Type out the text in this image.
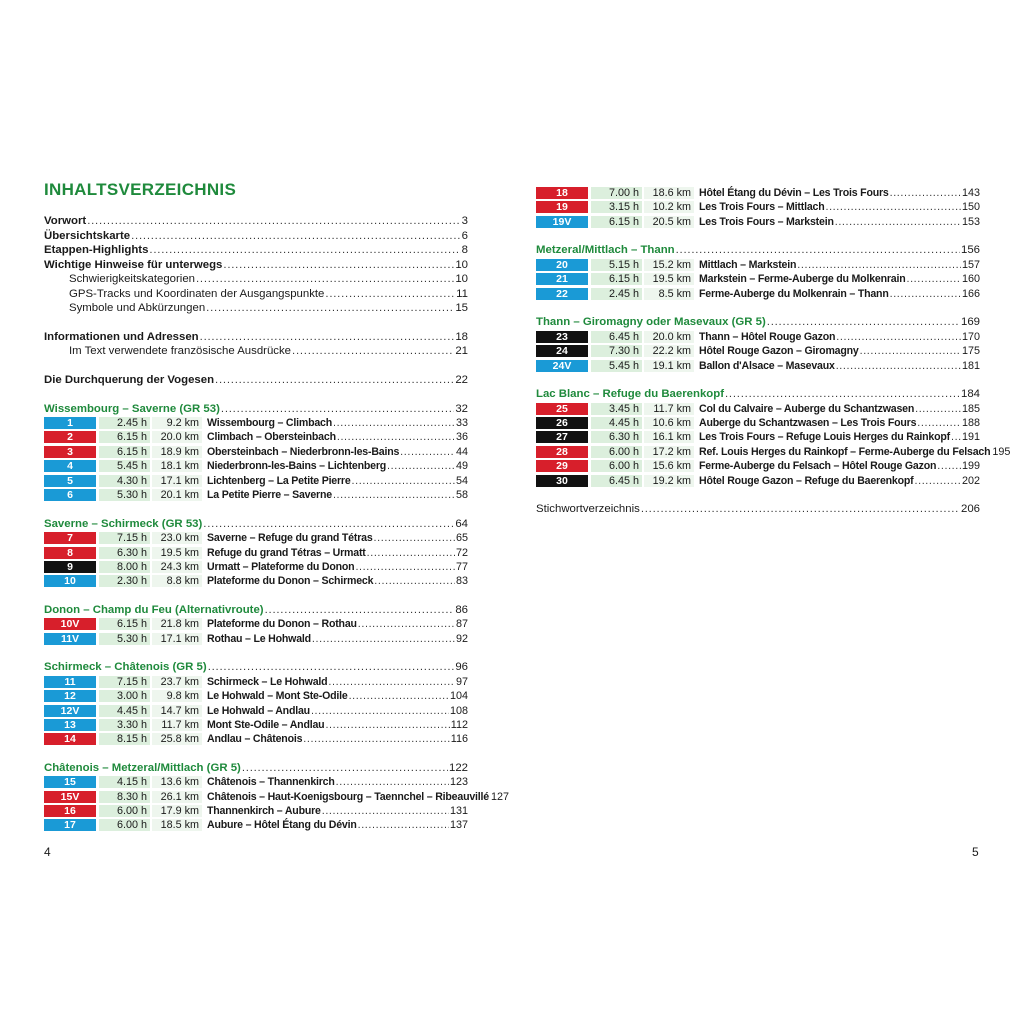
INHALTSVERZEICHNIS
Vorwort . . .	3
Übersichtskarte . . .	6
Etappen-Highlights . . .	8
Wichtige Hinweise für unterwegs . . .	10
Schwierigkeitskategorien . . .	10
GPS-Tracks und Koordinaten der Ausgangspunkte . . .	11
Symbole und Abkürzungen . . .	15
Informationen und Adressen . . .	18
Im Text verwendete französische Ausdrücke . . .	21
Die Durchquerung der Vogesen . . .	22
Wissembourg – Saverne (GR 53) . . .	32
1	2.45 h	9.2 km Wissembourg – Climbach . . .	33
2	6.15 h	20.0 km Climbach – Obersteinbach . . .	36
3	6.15 h	18.9 km Obersteinbach – Niederbronn-les-Bains . . .	44
4	5.45 h	18.1 km Niederbronn-les-Bains – Lichtenberg . . .	49
5	4.30 h	17.1 km Lichtenberg – La Petite Pierre . . .	54
6	5.30 h	20.1 km La Petite Pierre – Saverne . . .	58
Saverne – Schirmeck (GR 53) . . .	64
7	7.15 h	23.0 km Saverne – Refuge du grand Tétras . . .	65
8	6.30 h	19.5 km Refuge du grand Tétras – Urmatt . . .	72
9	8.00 h	24.3 km Urmatt – Plateforme du Donon . . .	77
10	2.30 h	8.8 km Plateforme du Donon – Schirmeck . . .	83
Donon – Champ du Feu (Alternativroute) . . .	86
10V	6.15 h	21.8 km Plateforme du Donon – Rothau . . .	87
11V	5.30 h	17.1 km Rothau – Le Hohwald . . .	92
Schirmeck – Châtenois (GR 5) . . .	96
11	7.15 h	23.7 km Schirmeck – Le Hohwald . . .	97
12	3.00 h	9.8 km Le Hohwald – Mont Ste-Odile . . .	104
12V	4.45 h	14.7 km Le Hohwald – Andlau . . .	108
13	3.30 h	11.7 km Mont Ste-Odile – Andlau . . .	112
14	8.15 h	25.8 km Andlau – Châtenois . . .	116
Châtenois – Metzeral/Mittlach (GR 5) . . .	122
15	4.15 h	13.6 km Châtenois – Thannenkirch . . .	123
15V	8.30 h	26.1 km Châtenois – Haut-Koenigsbourg – Taennchel – Ribeauvillé 127
16	6.00 h	17.9 km Thannenkirch – Aubure . . .	131
17	6.00 h	18.5 km Aubure – Hôtel Étang du Dévin . . .	137
18	7.00 h	18.6 km Hôtel Étang du Dévin – Les Trois Fours . . .	143
19	3.15 h	10.2 km Les Trois Fours – Mittlach . . .	150
19V	6.15 h	20.5 km Les Trois Fours – Markstein . . .	153
Metzeral/Mittlach – Thann . . .	156
20	5.15 h	15.2 km Mittlach – Markstein . . .	157
21	6.15 h	19.5 km Markstein – Ferme-Auberge du Molkenrain . . .	160
22	2.45 h	8.5 km Ferme-Auberge du Molkenrain – Thann . . .	166
Thann – Giromagny oder Masevaux (GR 5) . . .	169
23	6.45 h	20.0 km Thann – Hôtel Rouge Gazon . . .	170
24	7.30 h	22.2 km Hôtel Rouge Gazon – Giromagny . . .	175
24V	5.45 h	19.1 km Ballon d'Alsace – Masevaux . . .	181
Lac Blanc – Refuge du Baerenkopf . . .	184
25	3.45 h	11.7 km Col du Calvaire – Auberge du Schantzwasen . . .	185
26	4.45 h	10.6 km Auberge du Schantzwasen – Les Trois Fours . . .	188
27	6.30 h	16.1 km Les Trois Fours – Refuge Louis Herges du Rainkopf . . . 191
28	6.00 h	17.2 km Ref. Louis Herges du Rainkopf – Ferme-Auberge du Felsach 195
29	6.00 h	15.6 km Ferme-Auberge du Felsach – Hôtel Rouge Gazon . . . 199
30	6.45 h	19.2 km Hôtel Rouge Gazon – Refuge du Baerenkopf . . .	202
Stichwortverzeichnis . . .	206
4	5
